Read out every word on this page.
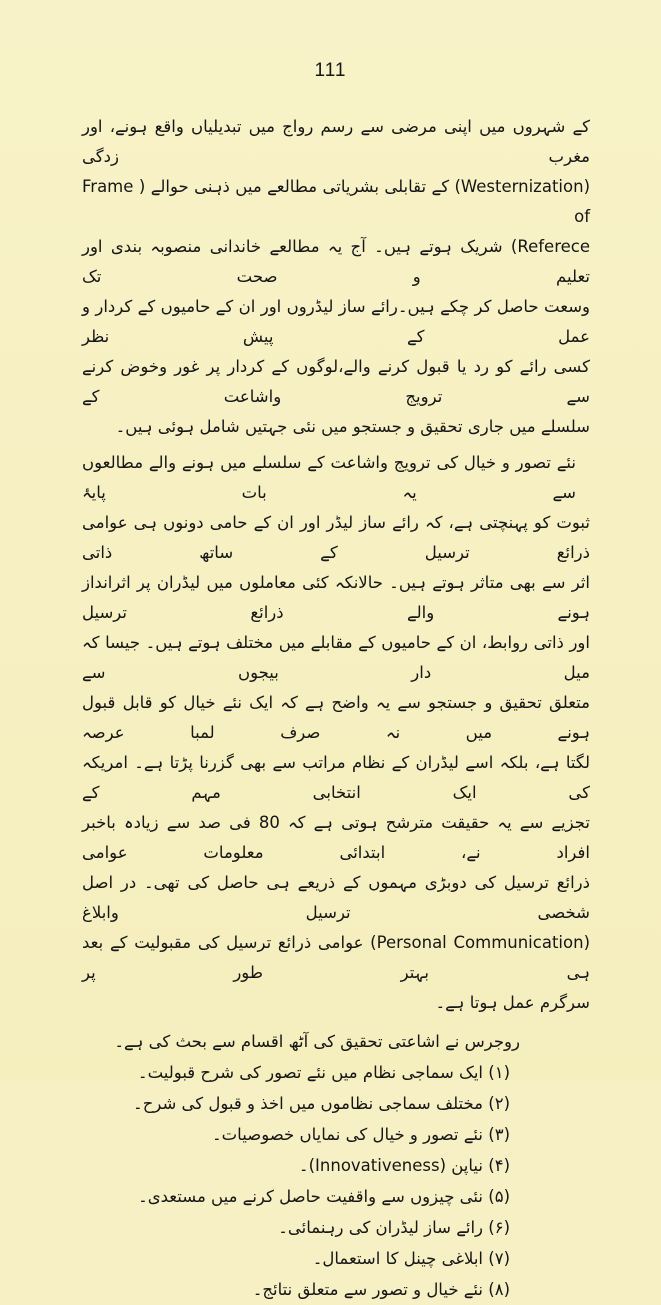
111

کے شہروں میں اپنی مرضی سے رسم رواج میں تبدیلیاں واقع ہونے، اور مغرب زدگی

(Westernization) کے تقابلی بشریاتی مطالعے میں ذہنی حوالے ( Frame of

Referece) شریک ہوتے ہیں۔ آج یہ مطالعے خاندانی منصوبہ بندی اور تعلیم و صحت تک

وسعت حاصل کر چکے ہیں۔رائے ساز لیڈروں اور ان کے حامیوں کے کردار و عمل کے پیش نظر

کسی رائے کو رد یا قبول کرنے والے،لوگوں کے کردار پر غور وخوض کرنے سے ترویج واشاعت کے

سلسلے میں جاری تحقیق و جستجو میں نئی جہتیں شامل ہوئی ہیں۔

نئے تصور و خیال کی ترویج واشاعت کے سلسلے میں ہونے والے مطالعوں سے یہ بات پایۂ

ثبوت کو پہنچتی ہے، کہ رائے ساز لیڈر اور ان کے حامی دونوں ہی عوامی ذرائع ترسیل کے ساتھ ذاتی

اثر سے بھی متاثر ہوتے ہیں۔ حالانکہ کئی معاملوں میں لیڈران پر اثرانداز ہونے والے ذرائع ترسیل

اور ذاتی روابط، ان کے حامیوں کے مقابلے میں مختلف ہوتے ہیں۔ جیسا کہ میل دار بیجوں سے

متعلق تحقیق و جستجو سے یہ واضح ہے کہ ایک نئے خیال کو قابل قبول ہونے میں نہ صرف لمبا عرصہ

لگتا ہے، بلکہ اسے لیڈران کے نظام مراتب سے بھی گزرنا پڑتا ہے۔ امریکہ کی ایک انتخابی مہم کے

تجزیے سے یہ حقیقت مترشح ہوتی ہے کہ 80 فی صد سے زیادہ باخبر افراد نے، ابتدائی معلومات عوامی

ذرائع ترسیل کی دوبڑی مہموں کے ذریعے ہی حاصل کی تھی۔ در اصل شخصی ترسیل وابلاغ

(Personal Communication) عوامی ذرائع ترسیل کی مقبولیت کے بعد ہی بہتر طور پر

سرگرم عمل ہوتا ہے۔

روجرس نے اشاعتی تحقیق کی آٹھ اقسام سے بحث کی ہے۔

(۱) ایک سماجی نظام میں نئے تصور کی شرح قبولیت۔
(۲) مختلف سماجی نظاموں میں اخذ و قبول کی شرح۔
(۳) نئے تصور و خیال کی نمایاں خصوصیات۔
(۴) نیاپن (Innovativeness)۔
(۵) نئی چیزوں سے واقفیت حاصل کرنے میں مستعدی۔
(۶) رائے ساز لیڈران کی رہنمائی۔
(۷) ابلاغی چینل کا استعمال۔
(۸) نئے خیال و تصور سے متعلق نتائج۔
